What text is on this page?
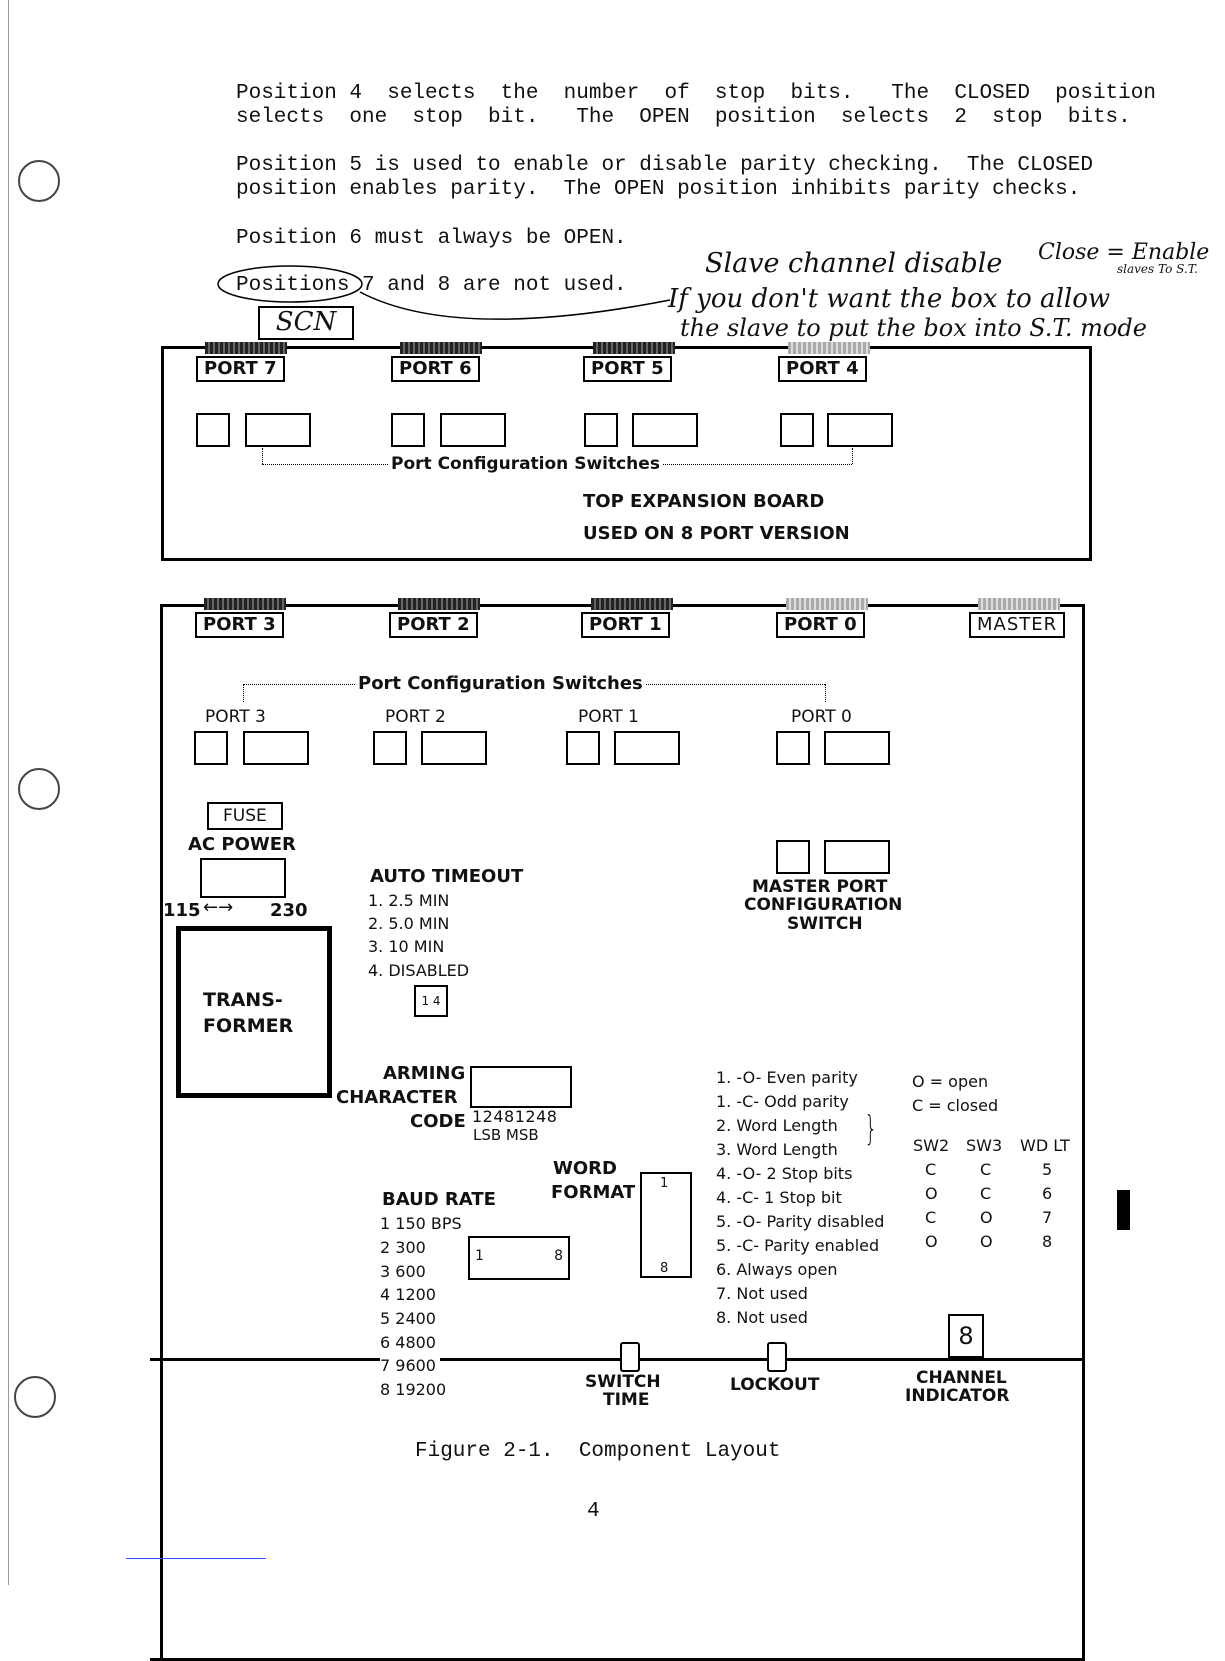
Position 4  selects  the  number  of  stop  bits.   The  CLOSED  position
selects  one  stop  bit.   The  OPEN  position  selects  2  stop  bits.
Position 5 is used to enable or disable parity checking.  The CLOSED
position enables parity.  The OPEN position inhibits parity checks.
Position 6 must always be OPEN.
Positions 7 and 8 are not used.
SCN
Slave channel disable Close = Enable
slaves To S.T.
If you don't want the box to allow
the slave to put the box into S.T. mode
PORT 7	PORT 6	PORT 5	PORT 4
Port Configuration Switches
TOP EXPANSION BOARD
USED ON 8 PORT VERSION
PORT 3	PORT 2	PORT 1	PORT 0	MASTER
Port Configuration Switches
PORT 3	PORT 2	PORT 1	PORT 0
FUSE
AC POWER
115 ←→	230
TRANS-
FORMER
AUTO TIMEOUT
1. 2.5 MIN
2. 5.0 MIN
3. 10 MIN
4. DISABLED
1 4
MASTER PORT
CONFIGURATION
SWITCH
ARMING
CHARACTER
CODE 12481248
LSB MSB
BAUD RATE
1 150 BPS
2 300
3 600
4 1200
5 2400
6 4800
7 9600
8 19200
1	8
WORD
FORMAT 1
8
1. -O- Even parity
1. -C- Odd parity
2. Word Length
3. Word Length
}
4. -O- 2 Stop bits
4. -C- 1 Stop bit
5. -O- Parity disabled
5. -C- Parity enabled
6. Always open
7. Not used
8. Not used
O = open
C = closed
SW2 SW3 WD LT
C	C	5
O	C	6
C	O	7
O	O	8
SWITCH
TIME
LOCKOUT
8
CHANNEL
INDICATOR
Figure 2-1.  Component Layout
4
